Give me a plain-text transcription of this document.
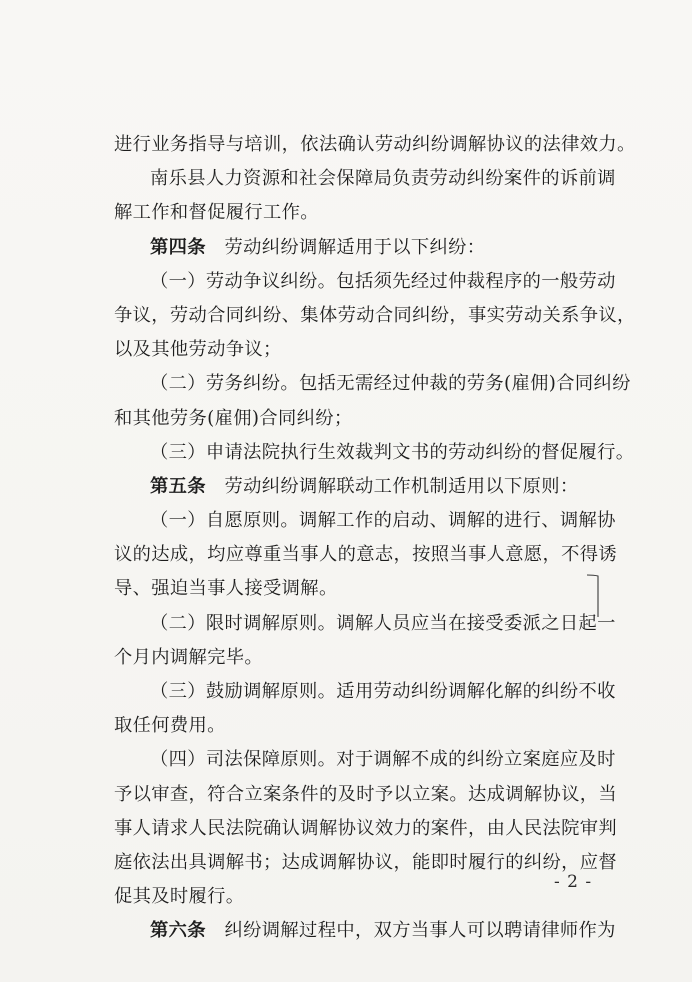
进行业务指导与培训，依法确认劳动纠纷调解协议的法律效力。
南乐县人力资源和社会保障局负责劳动纠纷案件的诉前调
解工作和督促履行工作。
第四条　劳动纠纷调解适用于以下纠纷：
（一）劳动争议纠纷。包括须先经过仲裁程序的一般劳动
争议，劳动合同纠纷、集体劳动合同纠纷，事实劳动关系争议，
以及其他劳动争议；
（二）劳务纠纷。包括无需经过仲裁的劳务(雇佣)合同纠纷
和其他劳务(雇佣)合同纠纷；
（三）申请法院执行生效裁判文书的劳动纠纷的督促履行。
第五条　劳动纠纷调解联动工作机制适用以下原则：
（一）自愿原则。调解工作的启动、调解的进行、调解协
议的达成，均应尊重当事人的意志，按照当事人意愿，不得诱
导、强迫当事人接受调解。
（二）限时调解原则。调解人员应当在接受委派之日起一
个月内调解完毕。
（三）鼓励调解原则。适用劳动纠纷调解化解的纠纷不收
取任何费用。
（四）司法保障原则。对于调解不成的纠纷立案庭应及时
予以审查，符合立案条件的及时予以立案。达成调解协议，当
事人请求人民法院确认调解协议效力的案件，由人民法院审判
庭依法出具调解书；达成调解协议，能即时履行的纠纷，应督
促其及时履行。
第六条　纠纷调解过程中，双方当事人可以聘请律师作为
- 2 -
